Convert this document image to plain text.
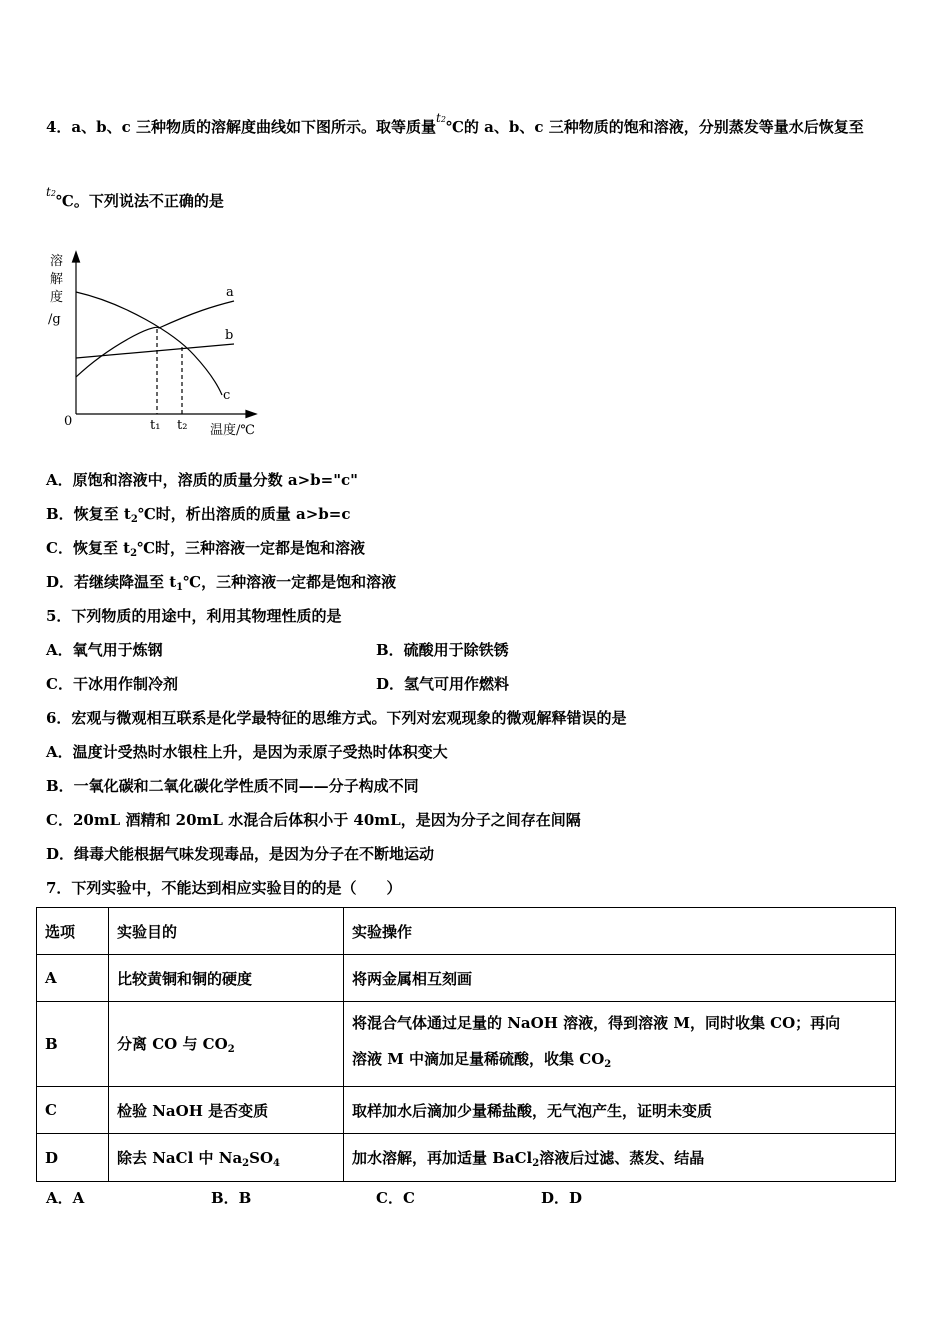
4．a、b、c 三种物质的溶解度曲线如下图所示。取等质量$^{t2}$℃的 a、b、c 三种物质的饱和溶液，分别蒸发等量水后恢复至
$^{t2}$℃。下列说法不正确的是
溶
解
度
/g
0	t₁ t₂ 温度/℃
a
b
c
A．原饱和溶液中，溶质的质量分数 a>b="c"
B．恢复至 $t_2℃$时，析出溶质的质量 a>b=c
C．恢复至 $t_2℃$时，三种溶液一定都是饱和溶液
D．若继续降温至 $t_1℃$，三种溶液一定都是饱和溶液
5．下列物质的用途中，利用其物理性质的是
A．氧气用于炼钢	B．硫酸用于除铁锈
C．干冰用作制冷剂	D．氢气可用作燃料
6．宏观与微观相互联系是化学最特征的思维方式。下列对宏观现象的微观解释错误的是
A．温度计受热时水银柱上升，是因为汞原子受热时体积变大
B．一氧化碳和二氧化碳化学性质不同——分子构成不同
C．20mL 酒精和 20mL 水混合后体积小于 40mL，是因为分子之间存在间隔
D．缉毒犬能根据气味发现毒品，是因为分子在不断地运动
7．下列实验中，不能达到相应实验目的的是（　　）
选项	实验目的	实验操作
A	比较黄铜和铜的硬度	将两金属相互刻画
B	分离 CO 与 $CO_2$	将混合气体通过足量的 NaOH 溶液，得到溶液 M，同时收集 CO；再向
溶液 M 中滴加足量稀硫酸，收集 $CO_2$

C	检验 NaOH 是否变质	取样加水后滴加少量稀盐酸，无气泡产生，证明未变质
D	除去 NaCl 中 $Na_2SO_4$	加水溶解，再加适量 BaCl$_2$溶液后过滤、蒸发、结晶
A．A	B．B	C．C	D．D
